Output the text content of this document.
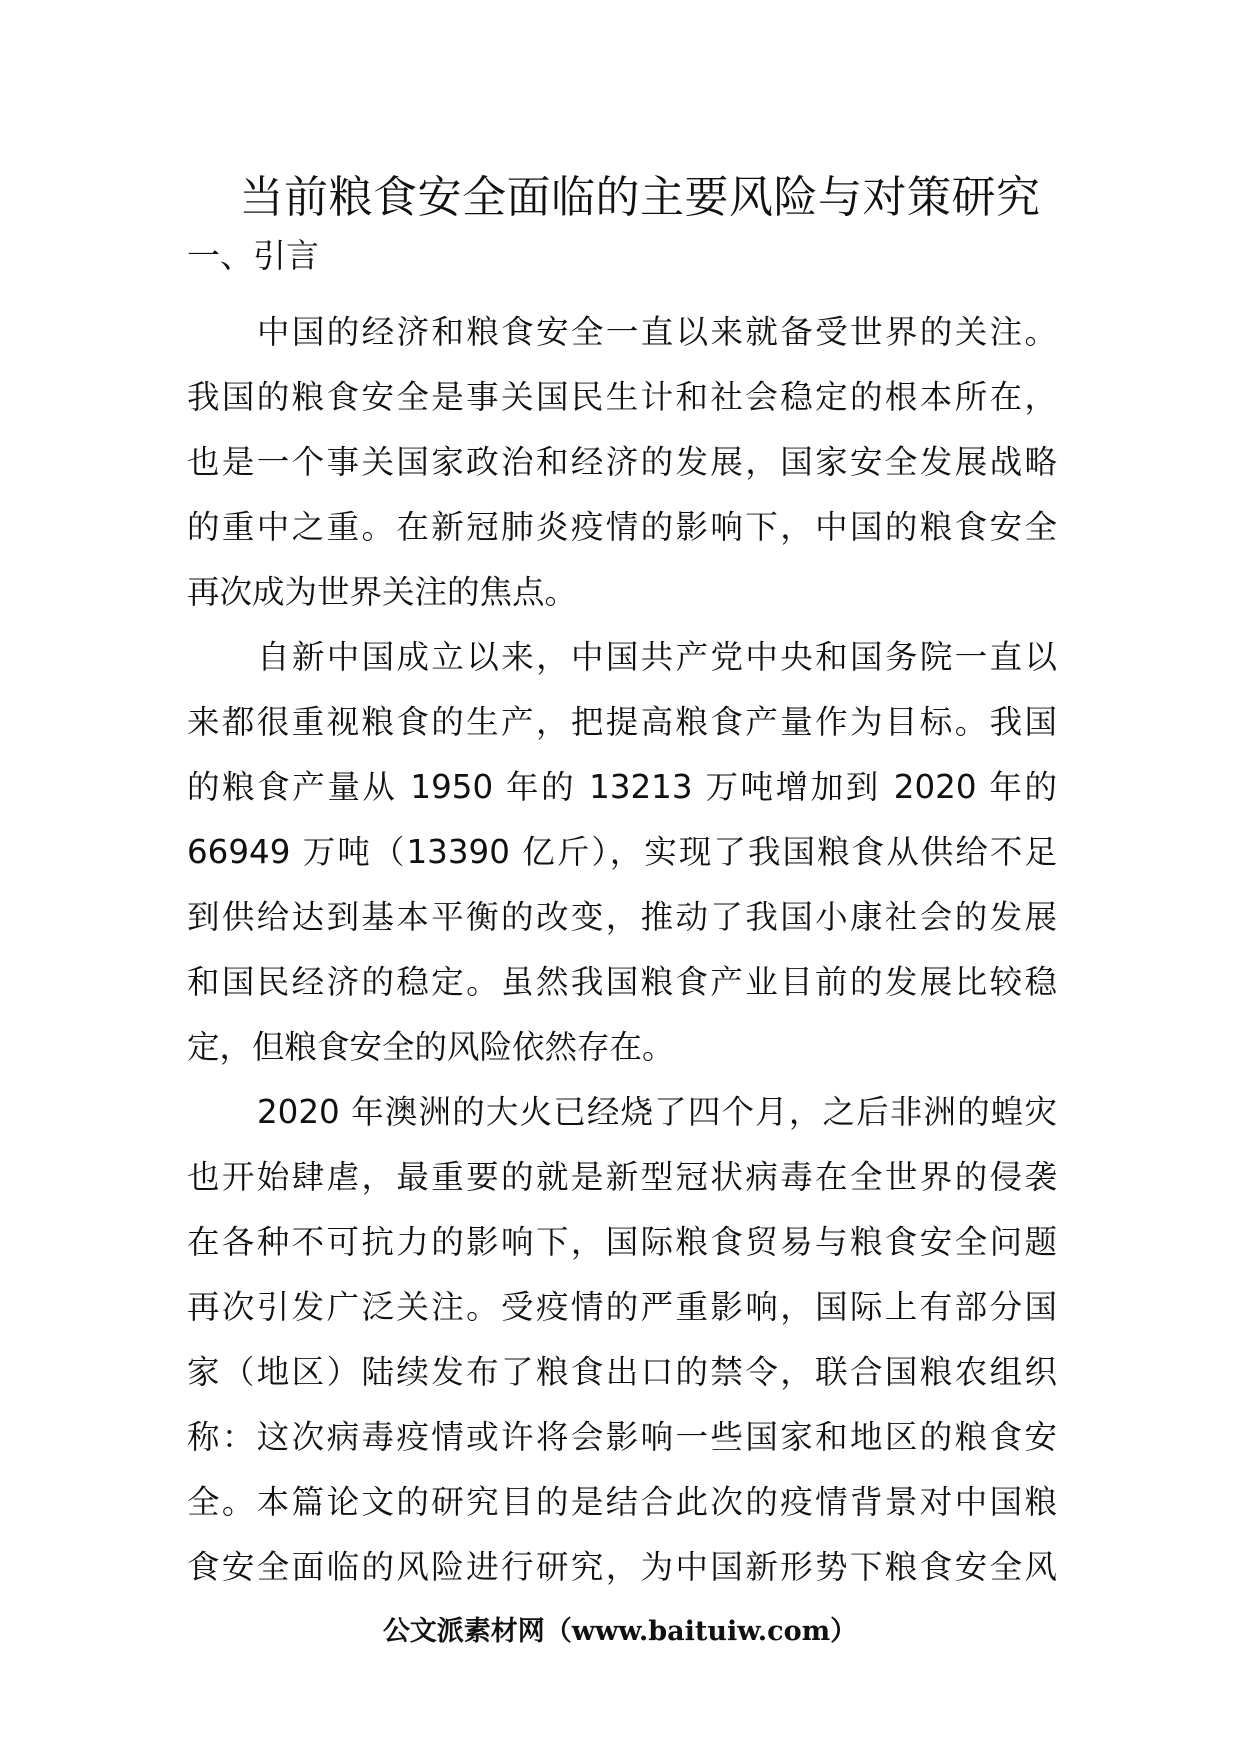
当前粮食安全面临的主要风险与对策研究
一、引言
中国的经济和粮食安全一直以来就备受世界的关注。
我国的粮食安全是事关国民生计和社会稳定的根本所在，
也是一个事关国家政治和经济的发展，国家安全发展战略
的重中之重。在新冠肺炎疫情的影响下，中国的粮食安全
再次成为世界关注的焦点。
自新中国成立以来，中国共产党中央和国务院一直以
来都很重视粮食的生产，把提高粮食产量作为目标。我国
的粮食产量从 1950 年的 13213 万吨增加到 2020 年的
66949 万吨（13390 亿斤），实现了我国粮食从供给不足
到供给达到基本平衡的改变，推动了我国小康社会的发展
和国民经济的稳定。虽然我国粮食产业目前的发展比较稳
定，但粮食安全的风险依然存在。
2020 年澳洲的大火已经烧了四个月，之后非洲的蝗灾
也开始肆虐，最重要的就是新型冠状病毒在全世界的侵袭
在各种不可抗力的影响下，国际粮食贸易与粮食安全问题
再次引发广泛关注。受疫情的严重影响，国际上有部分国
家（地区）陆续发布了粮食出口的禁令，联合国粮农组织
称：这次病毒疫情或许将会影响一些国家和地区的粮食安
全。本篇论文的研究目的是结合此次的疫情背景对中国粮
食安全面临的风险进行研究，为中国新形势下粮食安全风
公文派素材网（www.baituiw.com）
